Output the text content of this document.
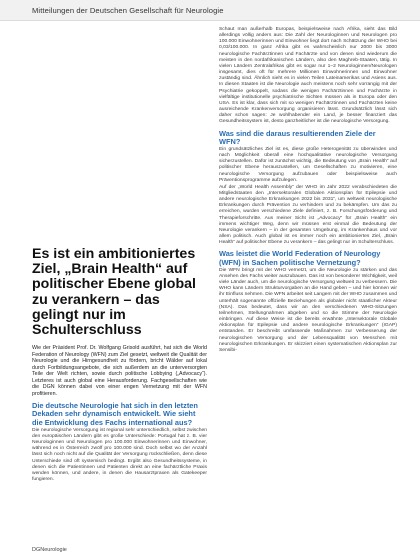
Mitteilungen der Deutschen Gesellschaft für Neurologie
Es ist ein ambitioniertes Ziel, „Brain Health“ auf politischer Ebene global zu verankern – das gelingt nur im Schulterschluss

Wie der Präsident Prof. Dr. Wolfgang Grisold ausführt, hat sich die World Federation of Neurology (WFN) zum Ziel gesetzt, weltweit die Qualität der Neurologie und die Hirngesundheit zu fördern, bricht Wälder auf lokal durch Fortbildungsangebote, die sich außerdem an die unterversorgten Teile der Welt richten, sowie durch politische Lobbying („Advocacy“). Letzteres ist auch global eine Herausforderung. Fachgesellschaften wie die DGN können dabei von einer engen Vernetzung mit der WFN profitieren.

Die deutsche Neurologie hat sich in den letzten Dekaden sehr dynamisch entwickelt. Wie sieht die Entwicklung des Fachs international aus?

Die neurologische Versorgung ist regional sehr unterschiedlich, selbst zwischen den europäischen Ländern gibt es große Unterschiede: Portugal hat z. B. vier Neurologinnen und Neurologen pro 100.000 Einwohnerinnen und Einwohner, während es in Österreich zwölf pro 100.000 sind. Doch selbst wo der Anzahl lässt sich noch nicht auf die Qualität der Versorgung rückschließen, denn diese Unterschiede sind oft systemisch bedingt. Ergibt also Gesundheitssysteme, in denen sich die Patientinnen und Patienten direkt an eine fachärztliche Praxis wenden können, und andere, in denen die Hausarztpraxen als Gatekeeper fungieren.

Schaut man außerhalb Europas, beispielsweise nach Afrika, sieht das Bild allerdings völlig anders aus: Die Zahl der Neurologinnen und Neurologen pro 100.000 Einwohnerinnen und Einwohner liegt dort nach Schätzung der WHO bei 0,03/100.000. In ganz Afrika gibt es wahrscheinlich nur 2000 bis 3000 neurologische Fachärztinnen und Fachärzte und von denen sind wiederum die meisten in den nordafrikanischen Ländern, also den Maghreb-Staaten, tätig. In vielen Ländern Zentralafrikas gibt es sogar nur 1–2 Neurologinnen/Neurologen insgesamt, dies oft für mehrere Millionen Einwohnerinnen und Einwohner zuständig sind. Ähnlich sieht es in vielen Teilen Lateinamerikas und Asiens aus. In diesen Staaten ist die Neurologie auch meistens noch sehr vorrangig mit der Psychiatrie gekoppelt, sodass die wenigen Fachärztinnen und Fachärzte in vielfältige institutionelle psychiatrische Sichten müssen als in Europa oder den USA. Es ist klar, dass sich mit so wenigen Fachärztinnen und Fachärzten keine ausreichende Krankenversorgung organisieren lässt. Grundsätzlich lässt sich daher schon sagen: Je wohlhabender ein Land, je besser finanziert das Gesundheitssystem ist, desto ganzheitlicher ist die neurologische Versorgung.

Was sind die daraus resultierenden Ziele der WFN?

Ein grundsätzliches Ziel ist es, diese große Heterogenität zu überwinden und nach Möglichkeit überall eine hochqualitative neurologische Versorgung sicherzustellen. Dafür ist zunächst wichtig, die Bedeutung von „Brain Health“ auf politischer Ebene herauszustellen, um Gesellschaften zu motivieren, eine neurologische Versorgung aufzubauen oder beispielsweise auch Präventionsprogramme aufzulegen.

Auf der „World Health Assembly“ der WHO im Jahr 2022 verabschiedeten die Mitgliedstaaten den „Intersektoralen Globalen Aktionsplan für Epilepsie und andere neurologische Erkrankungen 2022 bis 2031“, um weltweit neurologische Erkrankungen durch Prävention zu verhindern und zu bekämpfen. Um das zu erreichen, wurden verschiedene Ziele definiert, z. B. Forschungsförderung und Therapieforschritte. Aus meiner Sicht ist „Advocacy“ für „Brain Health“ ein immens wichtiger Weg, denn wir müssen erst einmal die Bedeutung der Neurologie verankern – in der gesamten Umgebung, im Krankenhaus und vor allem politisch. Auch global ist es immer noch ein ambitioniertes Ziel, „Brain Health“ auf politischer Ebene zu verankern – das gelingt nur im Schulterschluss.

Was leistet die World Federation of Neurology (WFN) in Sachen politische Vernetzung?

Die WFN bringt mit der WHO vernetzt, um die Neurologie zu stärken und das Ansehen des Fachs weiter auszubauen. Das ist von besonderer Wichtigkeit, weil viele Länder auch, um die neurologische Versorgung weltweit zu verbessern. Die WHO kann Ländern Strukturvorgaben an die Hand geben – und hier können wir ihr Einfluss nehmen. Die WFN arbeitet seit Langem mit der WHO zusammen und unterhält sogenannte offizielle Beziehungen als globaler nicht staatlicher Akteur (NSA). Das bedeutet, dass wir an den verschiedenen WHO-Sitzungen teilnehmen, Stellungnahmen abgeben und so die Stimme der Neurologie einbringen. Auf diese Weise ist die bereits erwähnte „Intersektorale Globale Aktionsplan für Epilepsie und andere neurologische Erkrankungen“ (IGAP) entstanden. Er beschreibt umfassende Maßnahmen zur Verbesserung der neurologischen Versorgung und der Lebensqualität von Menschen mit neurologischen Erkrankungen. Er skizziert einen systematischen Aktionsplan zur Sensibi-

DGNeurologie
